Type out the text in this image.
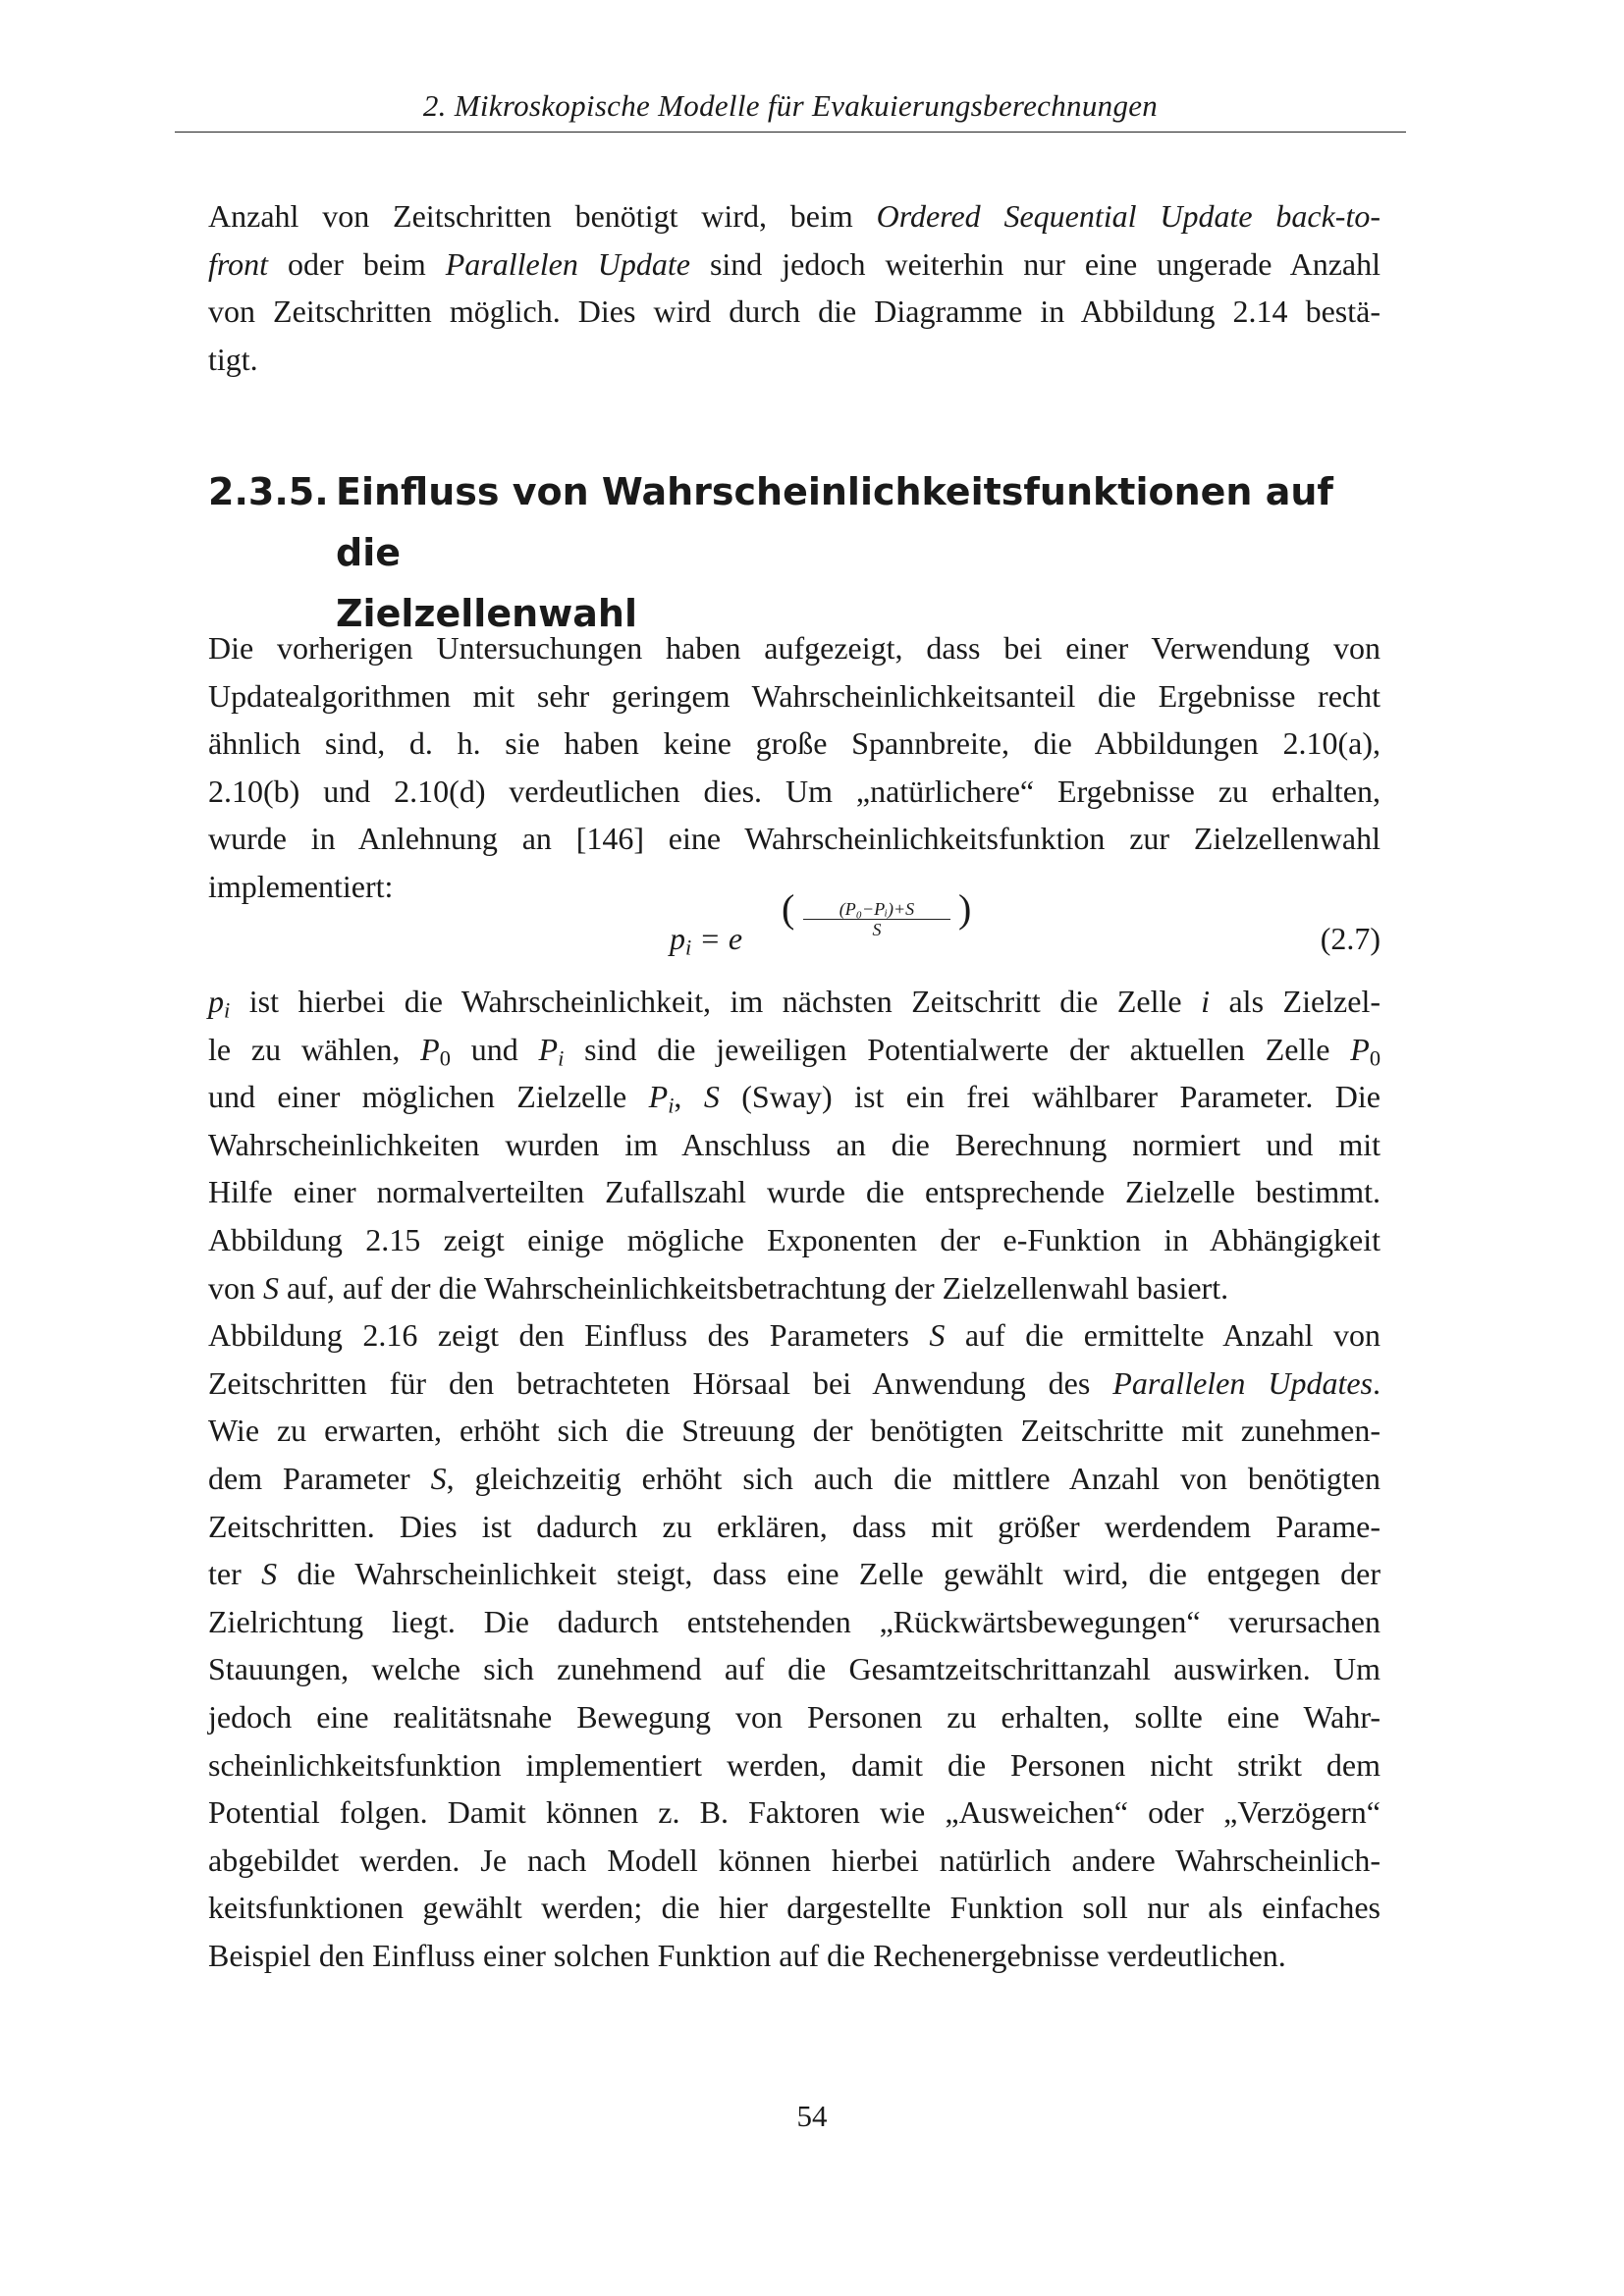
2. Mikroskopische Modelle für Evakuierungsberechnungen
Anzahl von Zeitschritten benötigt wird, beim Ordered Sequential Update back-to-
front oder beim Parallelen Update sind jedoch weiterhin nur eine ungerade Anzahl
von Zeitschritten möglich. Dies wird durch die Diagramme in Abbildung 2.14 bestä-
tigt.
2.3.5. Einfluss von Wahrscheinlichkeitsfunktionen auf die
Zielzellenwahl
Die vorherigen Untersuchungen haben aufgezeigt, dass bei einer Verwendung von
Updatealgorithmen mit sehr geringem Wahrscheinlichkeitsanteil die Ergebnisse recht
ähnlich sind, d. h. sie haben keine große Spannbreite, die Abbildungen 2.10(a),
2.10(b) und 2.10(d) verdeutlichen dies. Um „natürlichere“ Ergebnisse zu erhalten,
wurde in Anlehnung an [146] eine Wahrscheinlichkeitsfunktion zur Zielzellenwahl
implementiert:
$p_i = e$
( $\frac{\text{(P₀−Pᵢ)+S}}{S}$ )
(2.7)
$p_i$ ist hierbei die Wahrscheinlichkeit, im nächsten Zeitschritt die Zelle i als Zielzel-
le zu wählen, $P_0$ und $P_i$ sind die jeweiligen Potentialwerte der aktuellen Zelle $P_0$
und einer möglichen Zielzelle $P_i$, S (Sway) ist ein frei wählbarer Parameter. Die
Wahrscheinlichkeiten wurden im Anschluss an die Berechnung normiert und mit
Hilfe einer normalverteilten Zufallszahl wurde die entsprechende Zielzelle bestimmt.
Abbildung 2.15 zeigt einige mögliche Exponenten der e-Funktion in Abhängigkeit
von S auf, auf der die Wahrscheinlichkeitsbetrachtung der Zielzellenwahl basiert.
Abbildung 2.16 zeigt den Einfluss des Parameters S auf die ermittelte Anzahl von
Zeitschritten für den betrachteten Hörsaal bei Anwendung des Parallelen Updates.
Wie zu erwarten, erhöht sich die Streuung der benötigten Zeitschritte mit zunehmen-
dem Parameter S, gleichzeitig erhöht sich auch die mittlere Anzahl von benötigten
Zeitschritten. Dies ist dadurch zu erklären, dass mit größer werdendem Parame-
ter S die Wahrscheinlichkeit steigt, dass eine Zelle gewählt wird, die entgegen der
Zielrichtung liegt. Die dadurch entstehenden „Rückwärtsbewegungen“ verursachen
Stauungen, welche sich zunehmend auf die Gesamtzeitschrittanzahl auswirken. Um
jedoch eine realitätsnahe Bewegung von Personen zu erhalten, sollte eine Wahr-
scheinlichkeitsfunktion implementiert werden, damit die Personen nicht strikt dem
Potential folgen. Damit können z. B. Faktoren wie „Ausweichen“ oder „Verzögern“
abgebildet werden. Je nach Modell können hierbei natürlich andere Wahrscheinlich-
keitsfunktionen gewählt werden; die hier dargestellte Funktion soll nur als einfaches
Beispiel den Einfluss einer solchen Funktion auf die Rechenergebnisse verdeutlichen.
54
